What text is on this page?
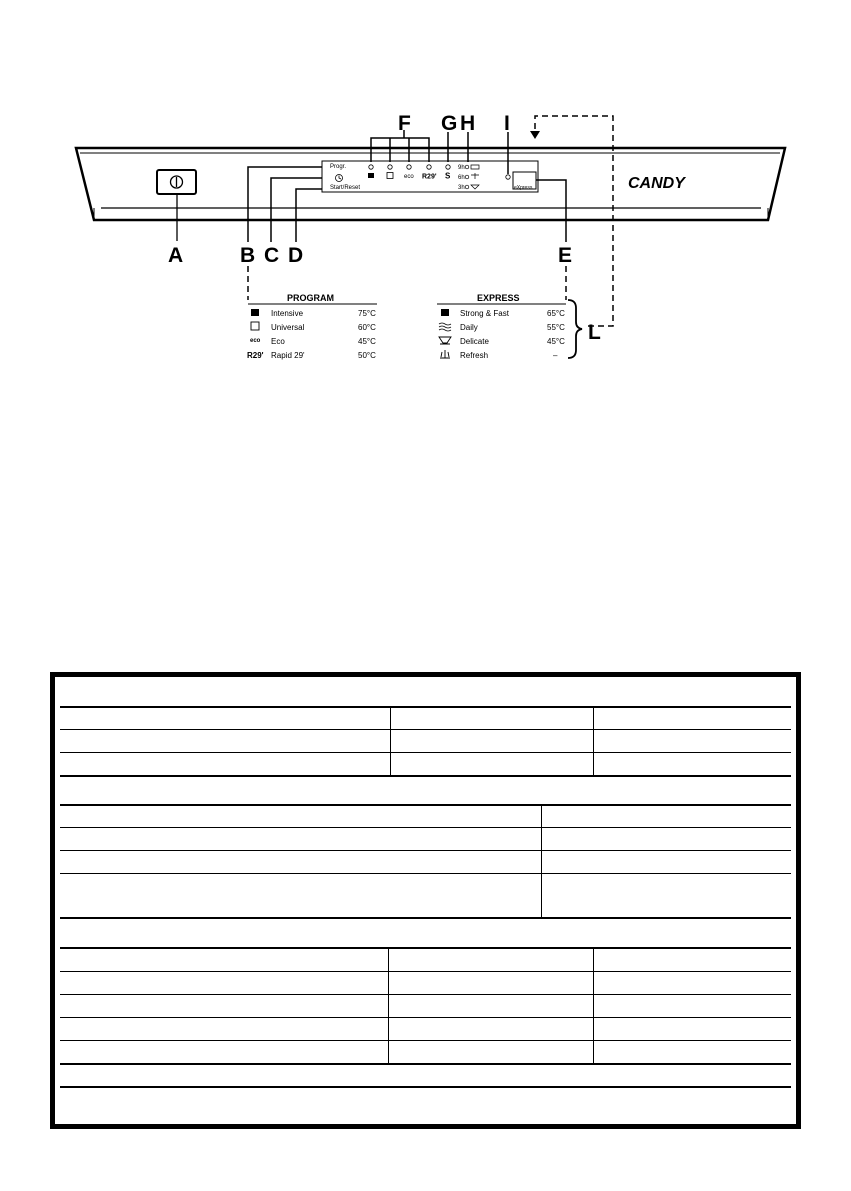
Progr.
Start/Reset
eco R29' S
9h
6h
3h	eXpress	CANDY
A	B C D	E
F G H I
L
PROGRAM
Intensive	75°C
Universal	60°C
eco Eco	45°C
R29' Rapid 29'	50°C
EXPRESS
Strong & Fast	65°C
Daily	55°C
Delicate	45°C
Refresh	–
